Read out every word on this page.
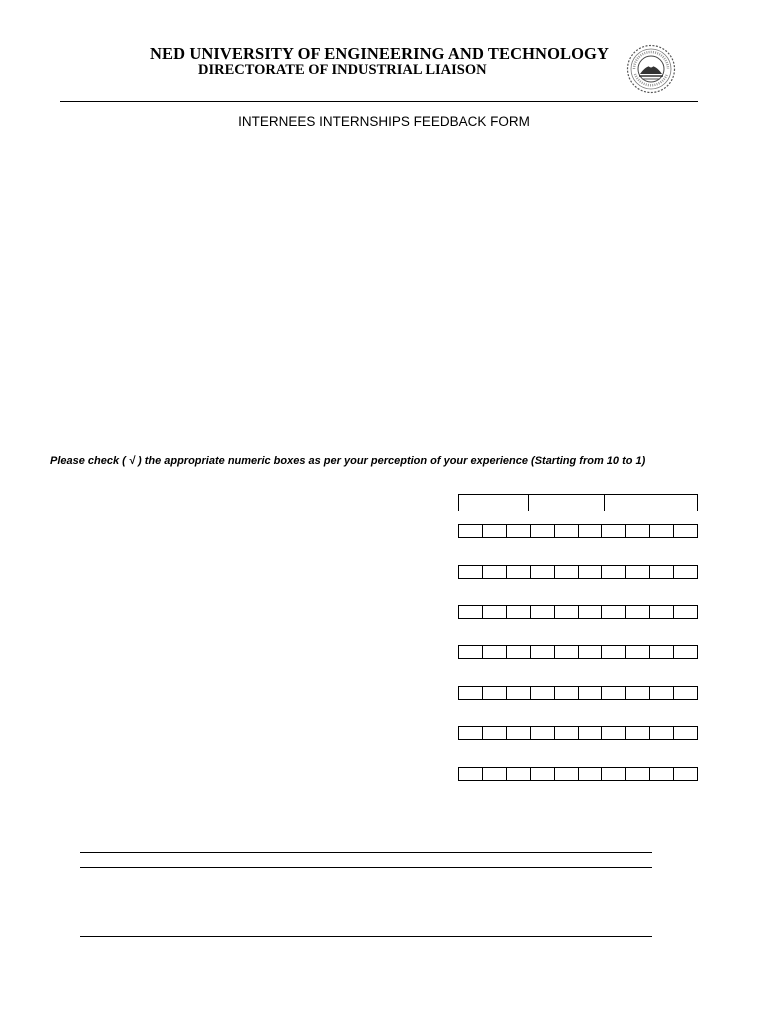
NED UNIVERSITY OF ENGINEERING AND TECHNOLOGY
DIRECTORATE OF INDUSTRIAL LIAISON
INTERNEES INTERNSHIPS FEEDBACK FORM
Please check ( √ ) the appropriate numeric boxes as per your perception of your experience (Starting from 10 to 1)
